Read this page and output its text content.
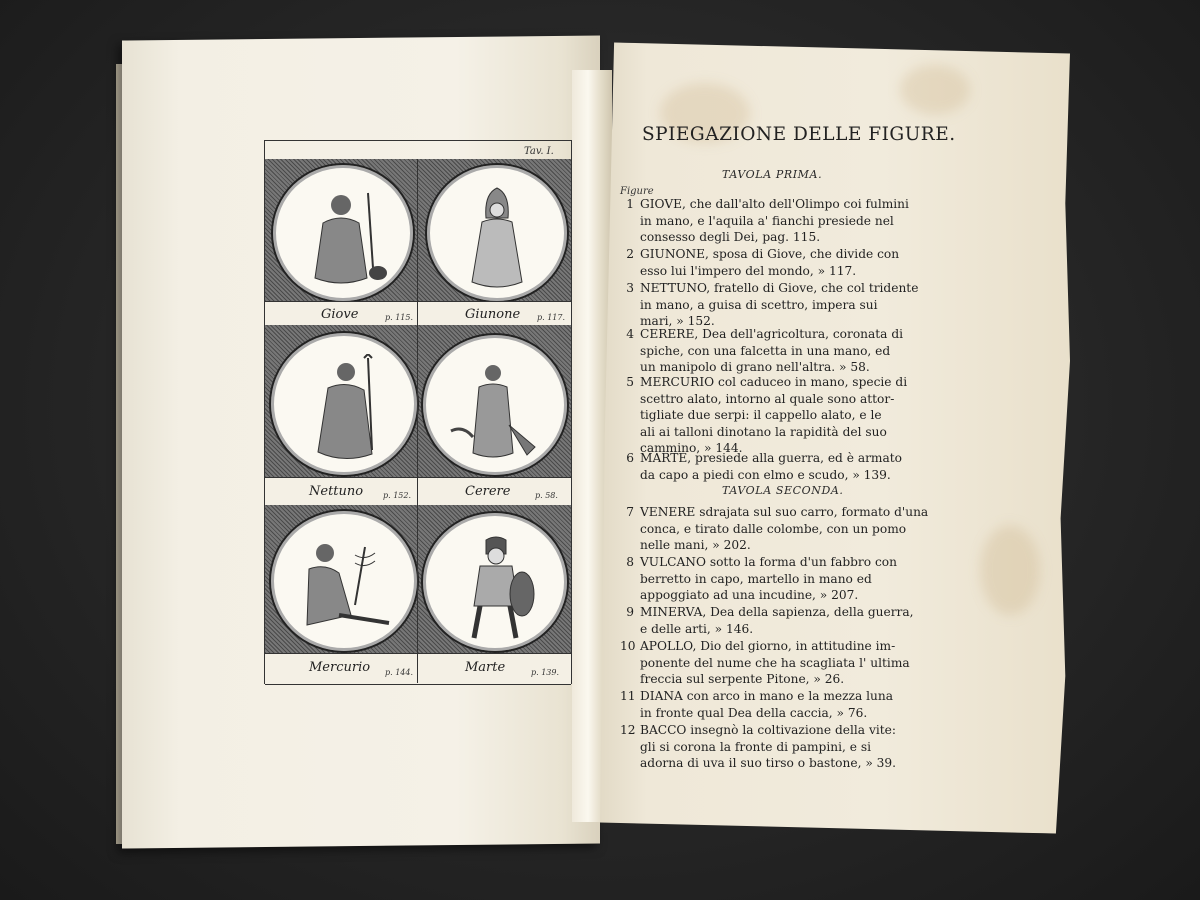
Tav. I.
Giove	p. 115.	Giunone p. 117.
Nettuno p. 152.	Cerere	p. 58.
Mercurio p. 144.	Marte	p. 139.
SPIEGAZIONE DELLE FIGURE.
TAVOLA PRIMA.
Figure
1 GIOVE, che dall'alto dell'Olimpo coi fulmini
in mano, e l'aquila a' fianchi presiede nel
consesso degli Dei, pag. 115.
2 GIUNONE, sposa di Giove, che divide con
esso lui l'impero del mondo, » 117.
3 NETTUNO, fratello di Giove, che col tridente
in mano, a guisa di scettro, impera sui
mari, » 152.
4 CERERE, Dea dell'agricoltura, coronata di
spiche, con una falcetta in una mano, ed
un manipolo di grano nell'altra. » 58.
5 MERCURIO col caduceo in mano, specie di
scettro alato, intorno al quale sono attor-
tigliate due serpi: il cappello alato, e le
ali ai talloni dinotano la rapidità del suo
cammino, » 144.
6 MARTE, presiede alla guerra, ed è armato
da capo a piedi con elmo e scudo, » 139.
TAVOLA SECONDA.
7 VENERE sdrajata sul suo carro, formato d'una
conca, e tirato dalle colombe, con un pomo
nelle mani, » 202.
8 VULCANO sotto la forma d'un fabbro con
berretto in capo, martello in mano ed
appoggiato ad una incudine, » 207.
9 MINERVA, Dea della sapienza, della guerra,
e delle arti, » 146.
10 APOLLO, Dio del giorno, in attitudine im-
ponente del nume che ha scagliata l' ultima
freccia sul serpente Pitone, » 26.
11 DIANA con arco in mano e la mezza luna
in fronte qual Dea della caccia, » 76.
12 BACCO insegnò la coltivazione della vite:
gli si corona la fronte di pampini, e si
adorna di uva il suo tirso o bastone, » 39.
